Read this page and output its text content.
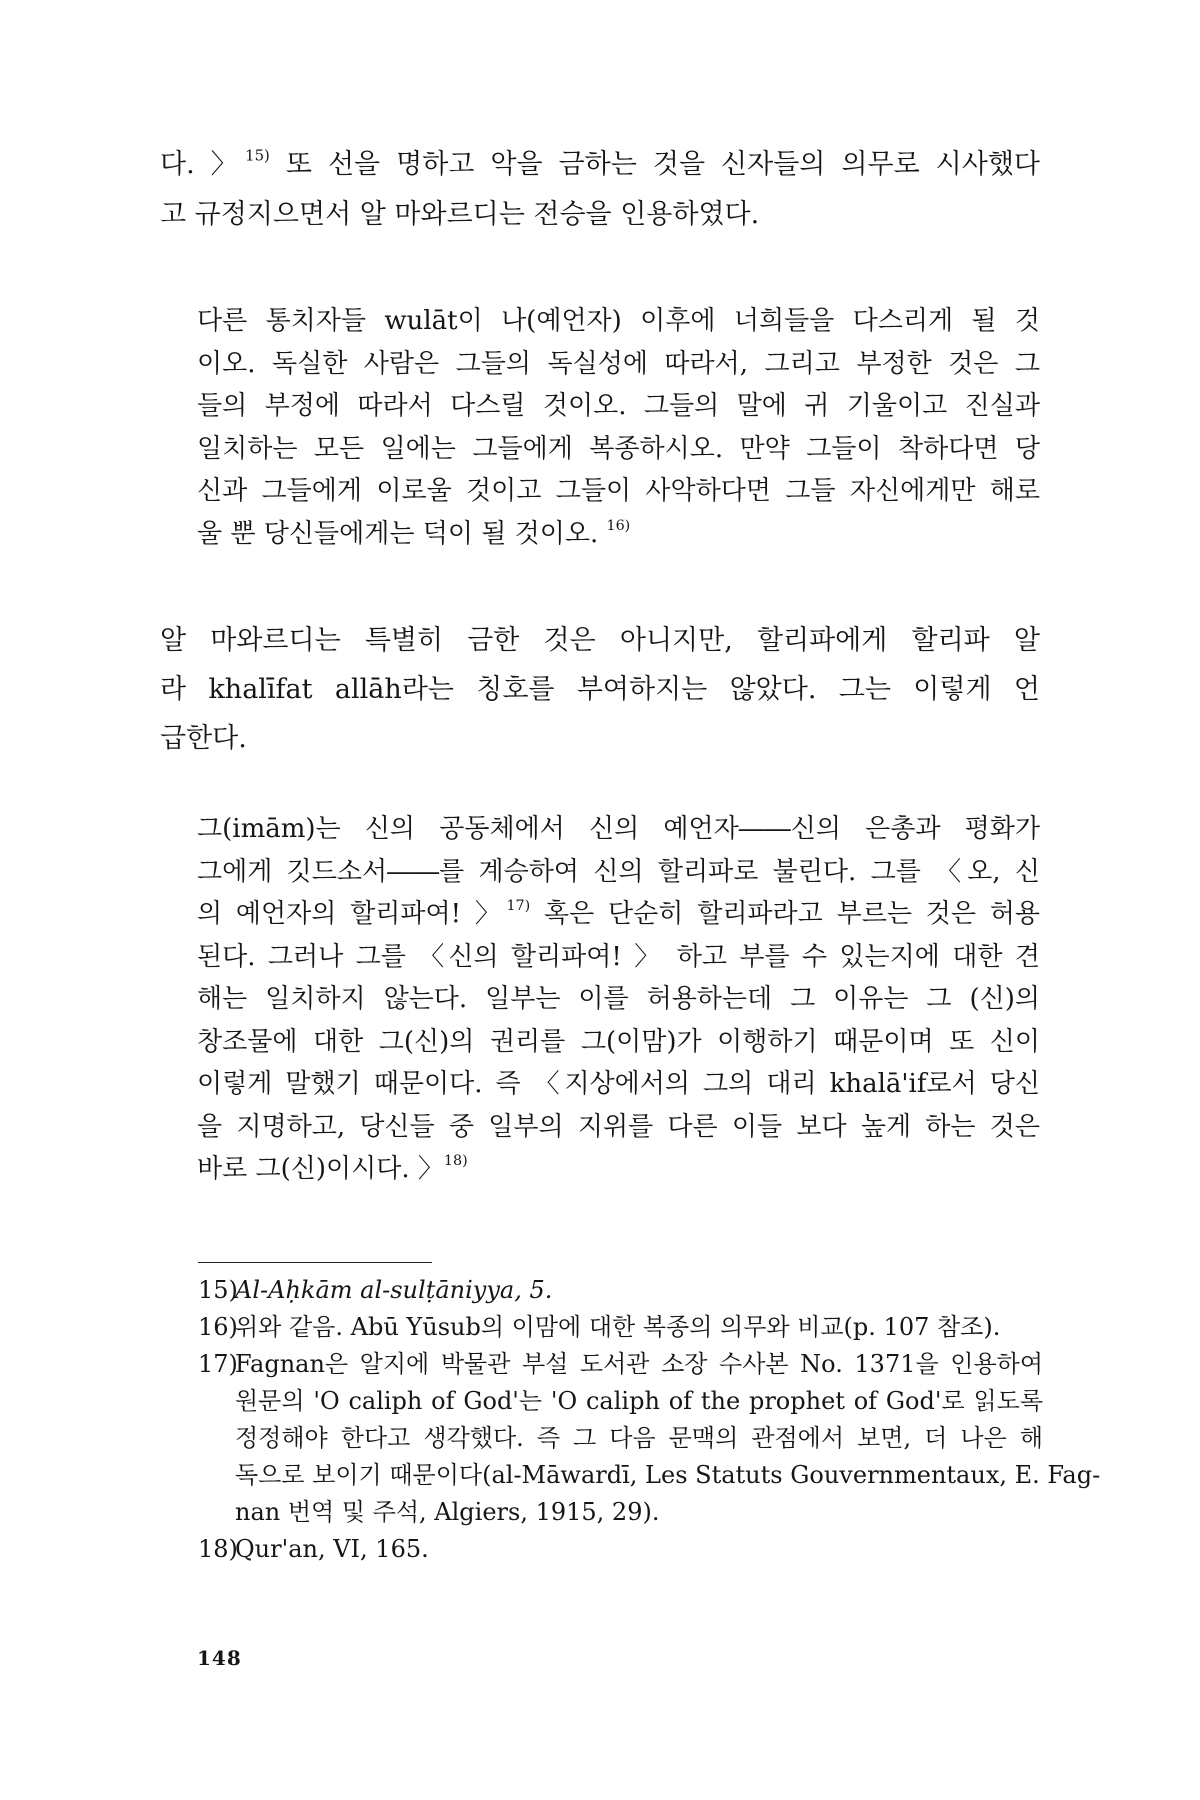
다. 〉$^{15)}$ 또 선을 명하고 악을 금하는 것을 신자들의 의무로 시사했다
고 규정지으면서 알 마와르디는 전승을 인용하였다.
다른 통치자들 wulāt이 나(예언자) 이후에 너희들을 다스리게 될 것
이오. 독실한 사람은 그들의 독실성에 따라서, 그리고 부정한 것은 그
들의 부정에 따라서 다스릴 것이오. 그들의 말에 귀 기울이고 진실과
일치하는 모든 일에는 그들에게 복종하시오. 만약 그들이 착하다면 당
신과 그들에게 이로울 것이고 그들이 사악하다면 그들 자신에게만 해로
울 뿐 당신들에게는 덕이 될 것이오. $^{16)}$
알 마와르디는 특별히 금한 것은 아니지만, 할리파에게 할리파 알
라 khalīfat allāh라는 칭호를 부여하지는 않았다. 그는 이렇게 언
급한다.
그(imām)는 신의 공동체에서 신의 예언자――신의 은총과 평화가
그에게 깃드소서――를 계승하여 신의 할리파로 불린다. 그를 〈오, 신
의 예언자의 할리파여! 〉$^{17)}$ 혹은 단순히 할리파라고 부르는 것은 허용
된다. 그러나 그를 〈신의 할리파여! 〉 하고 부를 수 있는지에 대한 견
해는 일치하지 않는다. 일부는 이를 허용하는데 그 이유는 그 (신)의
창조물에 대한 그(신)의 권리를 그(이맘)가 이행하기 때문이며 또 신이
이렇게 말했기 때문이다. 즉 〈지상에서의 그의 대리 khalā'if로서 당신
을 지명하고, 당신들 중 일부의 지위를 다른 이들 보다 높게 하는 것은
바로 그(신)이시다. 〉$^{18)}$
15)
Al-Aḥkām al-sulṭāniyya, 5.
16)
위와 같음. Abū Yūsub의 이맘에 대한 복종의 의무와 비교(p. 107 참조).
17)
Fagnan은 알지에 박물관 부설 도서관 소장 수사본 No. 1371을 인용하여
원문의 'O caliph of God'는 'O caliph of the prophet of God'로 읽도록
정정해야 한다고 생각했다. 즉 그 다음 문맥의 관점에서 보면, 더 나은 해
독으로 보이기 때문이다(al-Māwardī, Les Statuts Gouvernmentaux, E. Fag-
nan 번역 및 주석, Algiers, 1915, 29).
18)
Qur'an, VI, 165.
148
